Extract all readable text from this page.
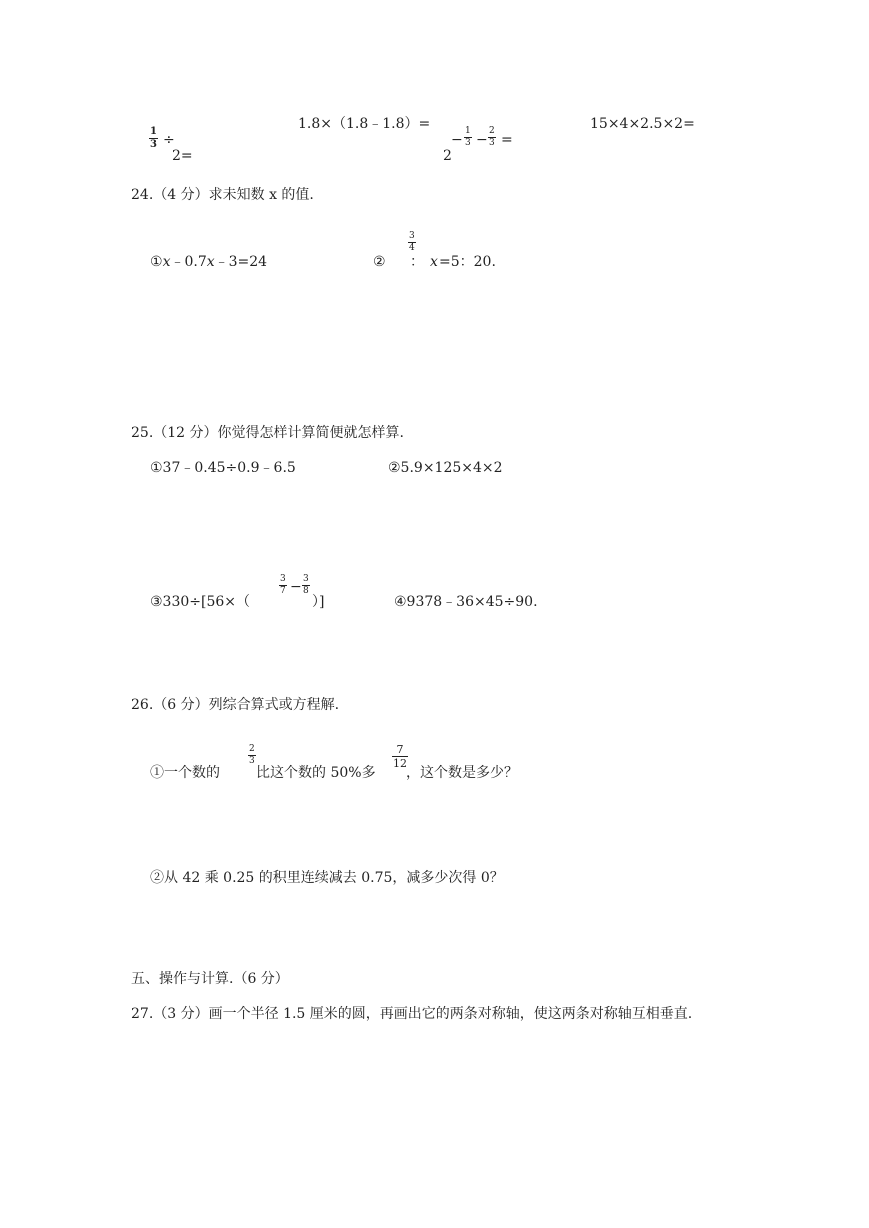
1
3 ÷
2=
1.8×（1.8﹣1.8）=
2
−
1
3 −
2
3 =
15×4×2.5×2=
24.（4 分）求未知数 x 的值.
①x﹣0.7x﹣3=24	②
3
4
： x =5：20.
25.（12 分）你觉得怎样计算简便就怎样算.
①37﹣0.45÷0.9﹣6.5	②5.9×125×4×2
③330÷[56×（
3
7 − 3
8
）]	④9378﹣36×45÷90.
26.（6 分）列综合算式或方程解.
①一个数的
2
3
比这个数的 50%多
7
12
，这个数是多少？
②从 42 乘 0.25 的积里连续减去 0.75，减多少次得 0？
五、操作与计算.（6 分）
27.（3 分）画一个半径 1.5 厘米的圆，再画出它的两条对称轴，使这两条对称轴互相垂直.
